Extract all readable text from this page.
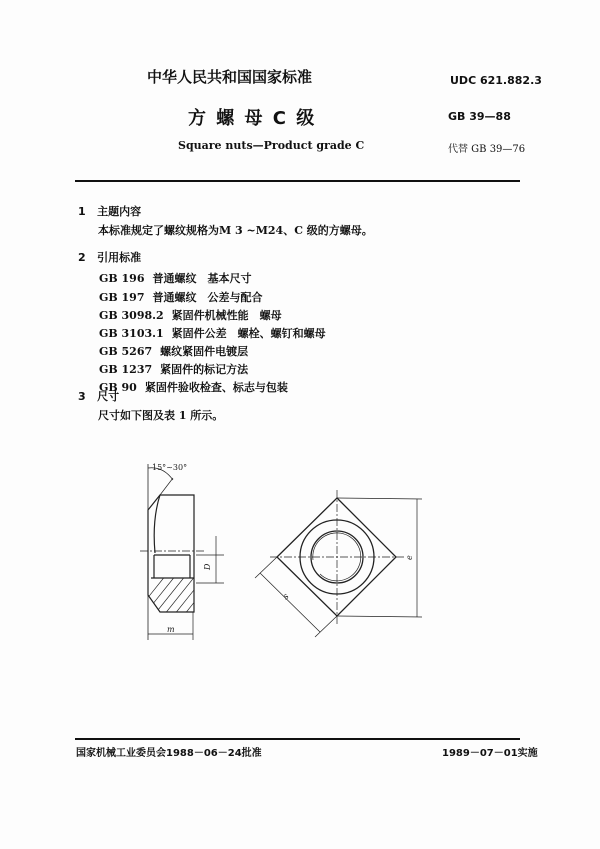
中华人民共和国国家标准	UDC 621.882.3
方 螺 母 C 级	GB 39—88
Square nuts—Product grade C	代替 GB 39—76
1 主题内容
本标准规定了螺纹规格为M 3 ~M24、C 级的方螺母。
2 引用标准
GB 196 普通螺纹　基本尺寸
GB 197 普通螺纹　公差与配合
GB 3098.2 紧固件机械性能　螺母
GB 3103.1 紧固件公差　螺栓、螺钉和螺母
GB 5267 螺纹紧固件电镀层
GB 1237 紧固件的标记方法
GB 90 紧固件验收检查、标志与包装
3 尺寸
尺寸如下图及表 1 所示。
15°~30°
D
m
s
e
国家机械工业委员会1988－06－24批准	1989－07－01实施
